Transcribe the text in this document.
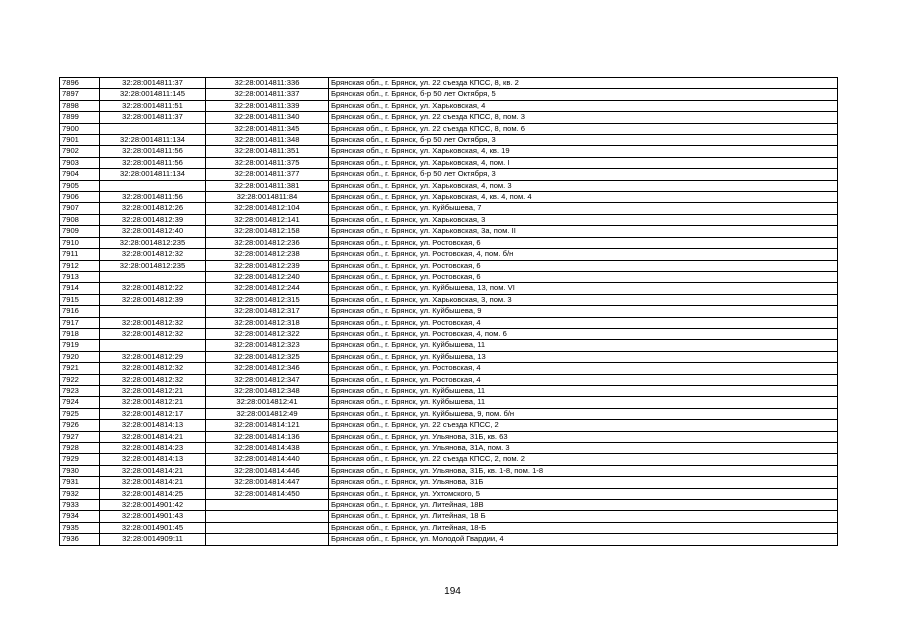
7896	32:28:0014811:37	32:28:0014811:336	Брянская обл., г. Брянск, ул. 22 съезда КПСС, 8, кв. 2
7897	32:28:0014811:145	32:28:0014811:337	Брянская обл., г. Брянск, б-р 50 лет Октября, 5
7898	32:28:0014811:51	32:28:0014811:339	Брянская обл., г. Брянск, ул. Харьковская, 4
7899	32:28:0014811:37	32:28:0014811:340	Брянская обл., г. Брянск, ул. 22 съезда КПСС, 8, пом. 3
7900		32:28:0014811:345	Брянская обл., г. Брянск, ул. 22 съезда КПСС, 8, пом. 6
7901	32:28:0014811:134	32:28:0014811:348	Брянская обл., г. Брянск, б-р 50 лет Октября, 3
7902	32:28:0014811:56	32:28:0014811:351	Брянская обл., г. Брянск, ул. Харьковская, 4, кв. 19
7903	32:28:0014811:56	32:28:0014811:375	Брянская обл., г. Брянск, ул. Харьковская, 4, пом. I
7904	32:28:0014811:134	32:28:0014811:377	Брянская обл., г. Брянск, б-р 50 лет Октября, 3
7905		32:28:0014811:381	Брянская обл., г. Брянск, ул. Харьковская, 4, пом. 3
7906	32:28:0014811:56	32:28:0014811:84	Брянская обл., г. Брянск, ул. Харьковская, 4, кв. 4, пом. 4
7907	32:28:0014812:26	32:28:0014812:104	Брянская обл., г. Брянск, ул. Куйбышева, 7
7908	32:28:0014812:39	32:28:0014812:141	Брянская обл., г. Брянск, ул. Харьковская, 3
7909	32:28:0014812:40	32:28:0014812:158	Брянская обл., г. Брянск, ул. Харьковская, 3а, пом. II
7910	32:28:0014812:235	32:28:0014812:236	Брянская обл., г. Брянск, ул. Ростовская, 6
7911	32:28:0014812:32	32:28:0014812:238	Брянская обл., г. Брянск, ул. Ростовская, 4, пом. б/н
7912	32:28:0014812:235	32:28:0014812:239	Брянская обл., г. Брянск, ул. Ростовская, 6
7913		32:28:0014812:240	Брянская обл., г. Брянск, ул. Ростовская, 6
7914	32:28:0014812:22	32:28:0014812:244	Брянская обл., г. Брянск, ул. Куйбышева, 13, пом. VI
7915	32:28:0014812:39	32:28:0014812:315	Брянская обл., г. Брянск, ул. Харьковская, 3, пом. 3
7916		32:28:0014812:317	Брянская обл., г. Брянск, ул. Куйбышева, 9
7917	32:28:0014812:32	32:28:0014812:318	Брянская обл., г. Брянск, ул. Ростовская, 4
7918	32:28:0014812:32	32:28:0014812:322	Брянская обл., г. Брянск, ул. Ростовская, 4, пом. 6
7919		32:28:0014812:323	Брянская обл., г. Брянск, ул. Куйбышева, 11
7920	32:28:0014812:29	32:28:0014812:325	Брянская обл., г. Брянск, ул. Куйбышева, 13
7921	32:28:0014812:32	32:28:0014812:346	Брянская обл., г. Брянск, ул. Ростовская, 4
7922	32:28:0014812:32	32:28:0014812:347	Брянская обл., г. Брянск, ул. Ростовская, 4
7923	32:28:0014812:21	32:28:0014812:348	Брянская обл., г. Брянск, ул. Куйбышева, 11
7924	32:28:0014812:21	32:28:0014812:41	Брянская обл., г. Брянск, ул. Куйбышева, 11
7925	32:28:0014812:17	32:28:0014812:49	Брянская обл., г. Брянск, ул. Куйбышева, 9, пом. б/н
7926	32:28:0014814:13	32:28:0014814:121	Брянская обл., г. Брянск, ул. 22 съезда КПСС, 2
7927	32:28:0014814:21	32:28:0014814:136	Брянская обл., г. Брянск, ул. Ульянова, 31Б, кв. 63
7928	32:28:0014814:23	32:28:0014814:438	Брянская обл., г. Брянск, ул. Ульянова, 31А, пом. 3
7929	32:28:0014814:13	32:28:0014814:440	Брянская обл., г. Брянск, ул. 22 съезда КПСС, 2, пом. 2
7930	32:28:0014814:21	32:28:0014814:446	Брянская обл., г. Брянск, ул. Ульянова, 31Б, кв. 1-8, пом. 1-8
7931	32:28:0014814:21	32:28:0014814:447	Брянская обл., г. Брянск, ул. Ульянова, 31Б
7932	32:28:0014814:25	32:28:0014814:450	Брянская обл., г. Брянск, ул. Ухтомского, 5
7933	32:28:0014901:42		Брянская обл., г. Брянск, ул. Литейная, 18В
7934	32:28:0014901:43		Брянская обл., г. Брянск, ул. Литейная, 18 Б
7935	32:28:0014901:45		Брянская обл., г. Брянск, ул. Литейная, 18-Б
7936	32:28:0014909:11		Брянская обл., г. Брянск, ул. Молодой Гвардии, 4
194
